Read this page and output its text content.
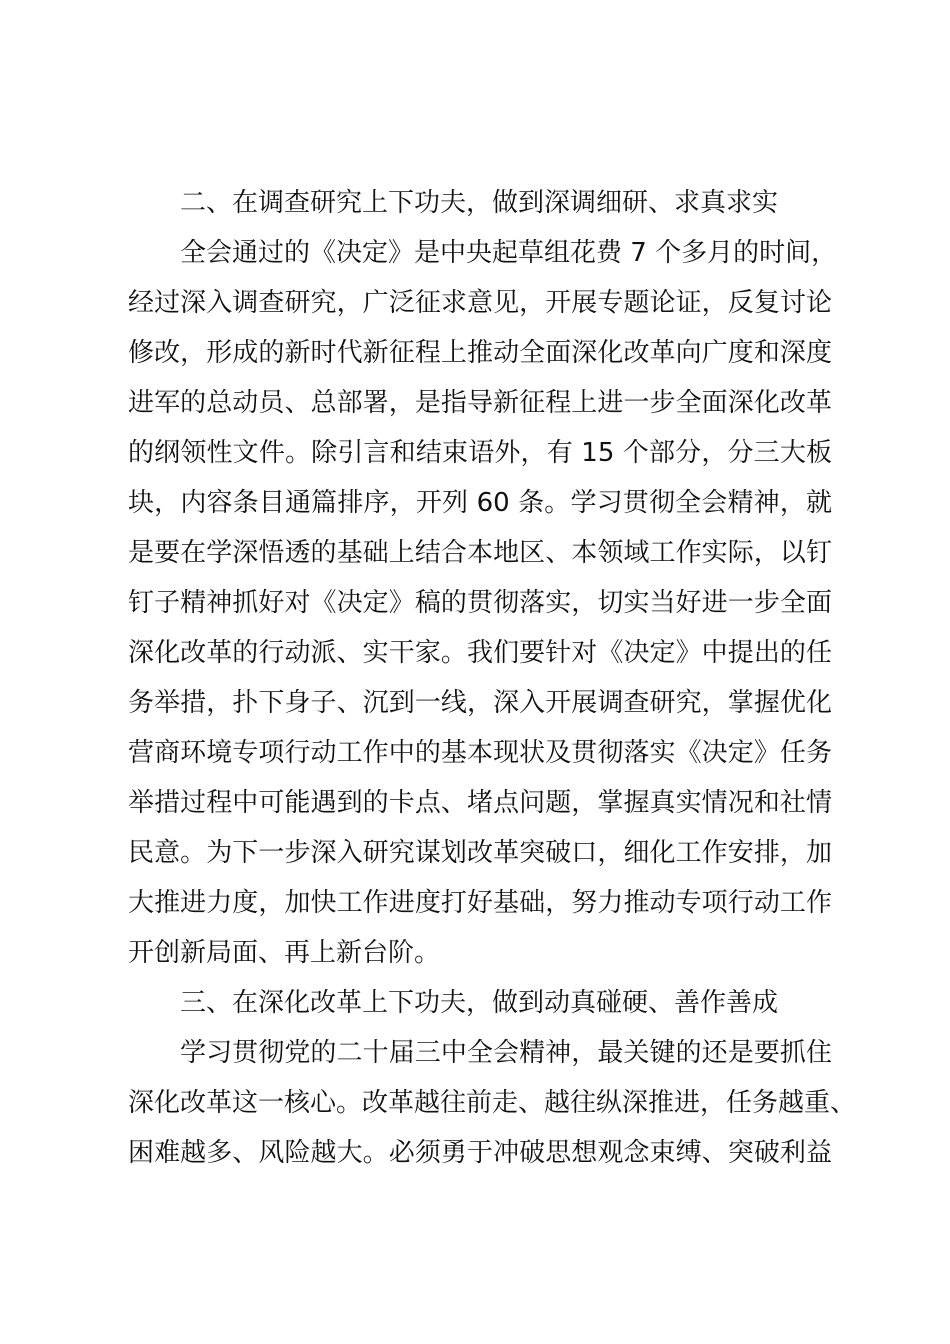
二、在调查研究上下功夫，做到深调细研、求真求实
全会通过的《决定》是中央起草组花费 7 个多月的时间，
经过深入调查研究，广泛征求意见，开展专题论证，反复讨论
修改，形成的新时代新征程上推动全面深化改革向广度和深度
进军的总动员、总部署，是指导新征程上进一步全面深化改革
的纲领性文件。除引言和结束语外，有 15 个部分，分三大板
块，内容条目通篇排序，开列 60 条。学习贯彻全会精神，就
是要在学深悟透的基础上结合本地区、本领域工作实际，以钉
钉子精神抓好对《决定》稿的贯彻落实，切实当好进一步全面
深化改革的行动派、实干家。我们要针对《决定》中提出的任
务举措，扑下身子、沉到一线，深入开展调查研究，掌握优化
营商环境专项行动工作中的基本现状及贯彻落实《决定》任务
举措过程中可能遇到的卡点、堵点问题，掌握真实情况和社情
民意。为下一步深入研究谋划改革突破口，细化工作安排，加
大推进力度，加快工作进度打好基础，努力推动专项行动工作
开创新局面、再上新台阶。
三、在深化改革上下功夫，做到动真碰硬、善作善成
学习贯彻党的二十届三中全会精神，最关键的还是要抓住
深化改革这一核心。改革越往前走、越往纵深推进，任务越重、
困难越多、风险越大。必须勇于冲破思想观念束缚、突破利益
